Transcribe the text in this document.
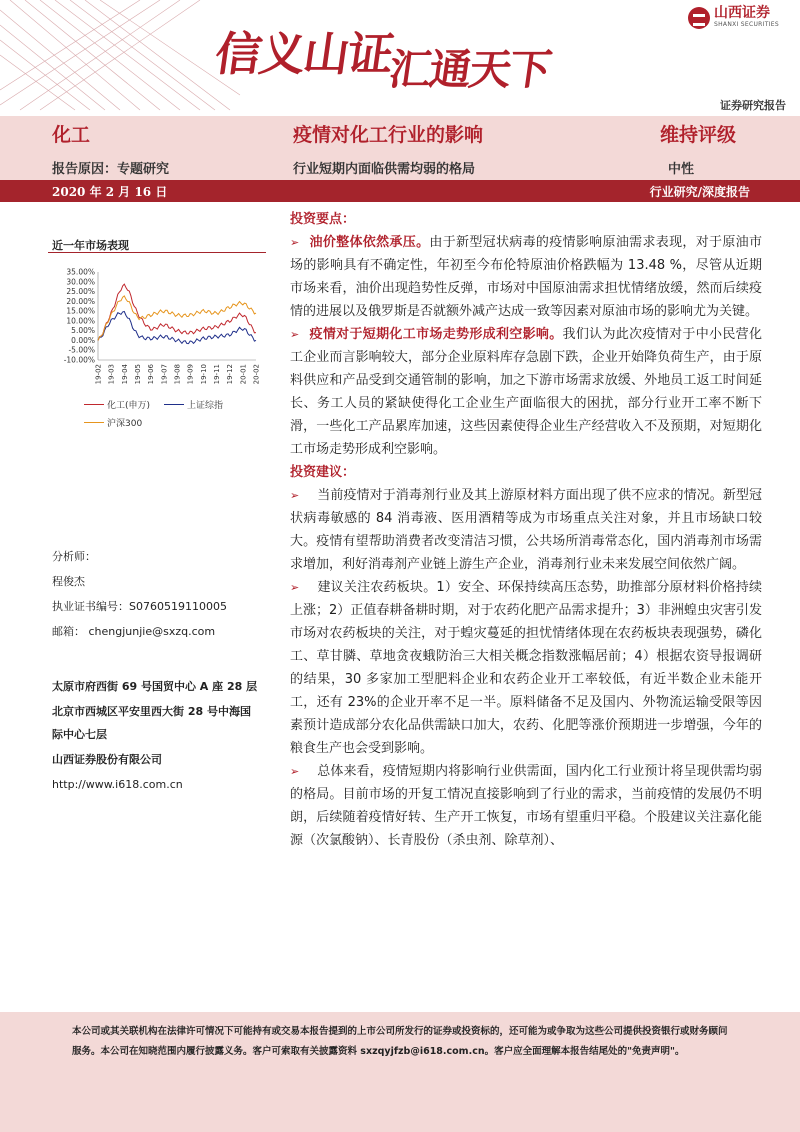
信义山证汇通天下
山西证券
SHANXI SECURITIES
证券研究报告
化工	疫情对化工行业的影响	维持评级
报告原因：专题研究	行业短期内面临供需均弱的格局	中性
2020 年 2 月 16 日	行业研究/深度报告
近一年市场表现
35.00%
30.00%
25.00%
20.00%
15.00%
10.00%
5.00%
0.00%
-5.00%
-10.00%
19-02 19-03 19-04 19-05 19-06 19-07 19-08 19-09 19-10 19-11 19-12 20-01 20-02
化工(申万)	上证综指
沪深300
分析师：
程俊杰
执业证书编号：S0760519110005
邮箱： chengjunjie@sxzq.com
太原市府西街 69 号国贸中心 A 座 28 层
北京市西城区平安里西大街 28 号中海国
际中心七层
山西证券股份有限公司
http://www.i618.com.cn
投资要点：

➢ 油价整体依然承压。由于新型冠状病毒的疫情影响原油需求表现，对于原油市场的影响具有不确定性，年初至今布伦特原油价格跌幅为 13.48 %，尽管从近期市场来看，油价出现趋势性反弹，市场对中国原油需求担忧情绪放缓，然而后续疫情的进展以及俄罗斯是否就额外减产达成一致等因素对原油市场的影响尤为关键。

➢ 疫情对于短期化工市场走势形成利空影响。我们认为此次疫情对于中小民营化工企业而言影响较大，部分企业原料库存急剧下跌，企业开始降负荷生产，由于原料供应和产品受到交通管制的影响，加之下游市场需求放缓、外地员工返工时间延长、务工人员的紧缺使得化工企业生产面临很大的困扰，部分行业开工率不断下滑，一些化工产品累库加速，这些因素使得企业生产经营收入不及预期，对短期化工市场走势形成利空影响。

投资建议：

➢ 当前疫情对于消毒剂行业及其上游原材料方面出现了供不应求的情况。新型冠状病毒敏感的 84 消毒液、医用酒精等成为市场重点关注对象，并且市场缺口较大。疫情有望帮助消费者改变清洁习惯，公共场所消毒常态化，国内消毒剂市场需求增加，利好消毒剂产业链上游生产企业，消毒剂行业未来发展空间依然广阔。

➢ 建议关注农药板块。1）安全、环保持续高压态势，助推部分原材料价格持续上涨；2）正值春耕备耕时期，对于农药化肥产品需求提升；3）非洲蝗虫灾害引发市场对农药板块的关注，对于蝗灾蔓延的担忧情绪体现在农药板块表现强势，磷化工、草甘膦、草地贪夜蛾防治三大相关概念指数涨幅居前；4）根据农资导报调研的结果，30 多家加工型肥料企业和农药企业开工率较低，有近半数企业未能开工，还有 23%的企业开率不足一半。原料储备不足及国内、外物流运输受限等因素预计造成部分农化品供需缺口加大，农药、化肥等涨价预期进一步增强，今年的粮食生产也会受到影响。

➢ 总体来看，疫情短期内将影响行业供需面，国内化工行业预计将呈现供需均弱的格局。目前市场的开复工情况直接影响到了行业的需求，当前疫情的发展仍不明朗，后续随着疫情好转、生产开工恢复，市场有望重归平稳。个股建议关注嘉化能源（次氯酸钠）、长青股份（杀虫剂、除草剂）、

本公司或其关联机构在法律许可情况下可能持有或交易本报告提到的上市公司所发行的证券或投资标的，还可能为或争取为这些公司提供投资银行或财务顾问服务。本公司在知晓范围内履行披露义务。客户可索取有关披露资料 sxzqyjfzb@i618.com.cn。客户应全面理解本报告结尾处的"免责声明"。
